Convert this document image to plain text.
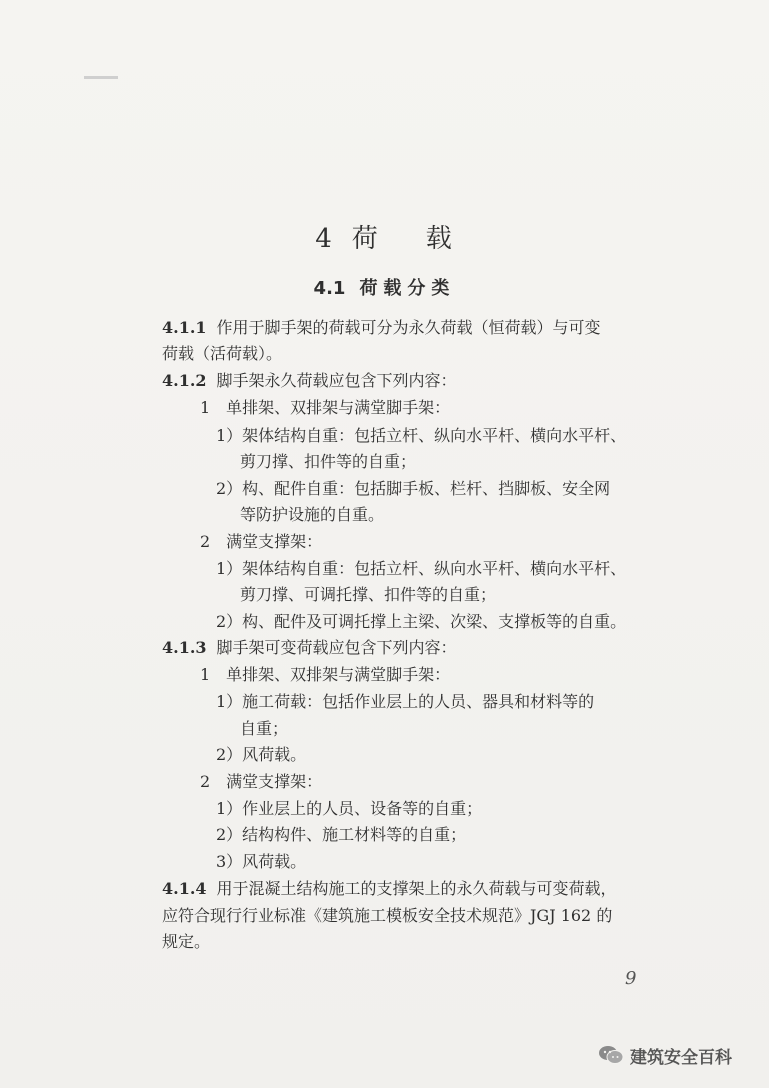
4 荷 载
4.1 荷载分类
4.1.1 作用于脚手架的荷载可分为永久荷载（恒荷载）与可变
荷载（活荷载）。
4.1.2 脚手架永久荷载应包含下列内容：
1　单排架、双排架与满堂脚手架：
1）架体结构自重：包括立杆、纵向水平杆、横向水平杆、
剪刀撑、扣件等的自重；
2）构、配件自重：包括脚手板、栏杆、挡脚板、安全网
等防护设施的自重。
2　满堂支撑架：
1）架体结构自重：包括立杆、纵向水平杆、横向水平杆、
剪刀撑、可调托撑、扣件等的自重；
2）构、配件及可调托撑上主梁、次梁、支撑板等的自重。
4.1.3 脚手架可变荷载应包含下列内容：
1　单排架、双排架与满堂脚手架：
1）施工荷载：包括作业层上的人员、器具和材料等的
自重；
2）风荷载。
2　满堂支撑架：
1）作业层上的人员、设备等的自重；
2）结构构件、施工材料等的自重；
3）风荷载。
4.1.4 用于混凝土结构施工的支撑架上的永久荷载与可变荷载，
应符合现行行业标准《建筑施工模板安全技术规范》JGJ 162 的
规定。
9
建筑安全百科
